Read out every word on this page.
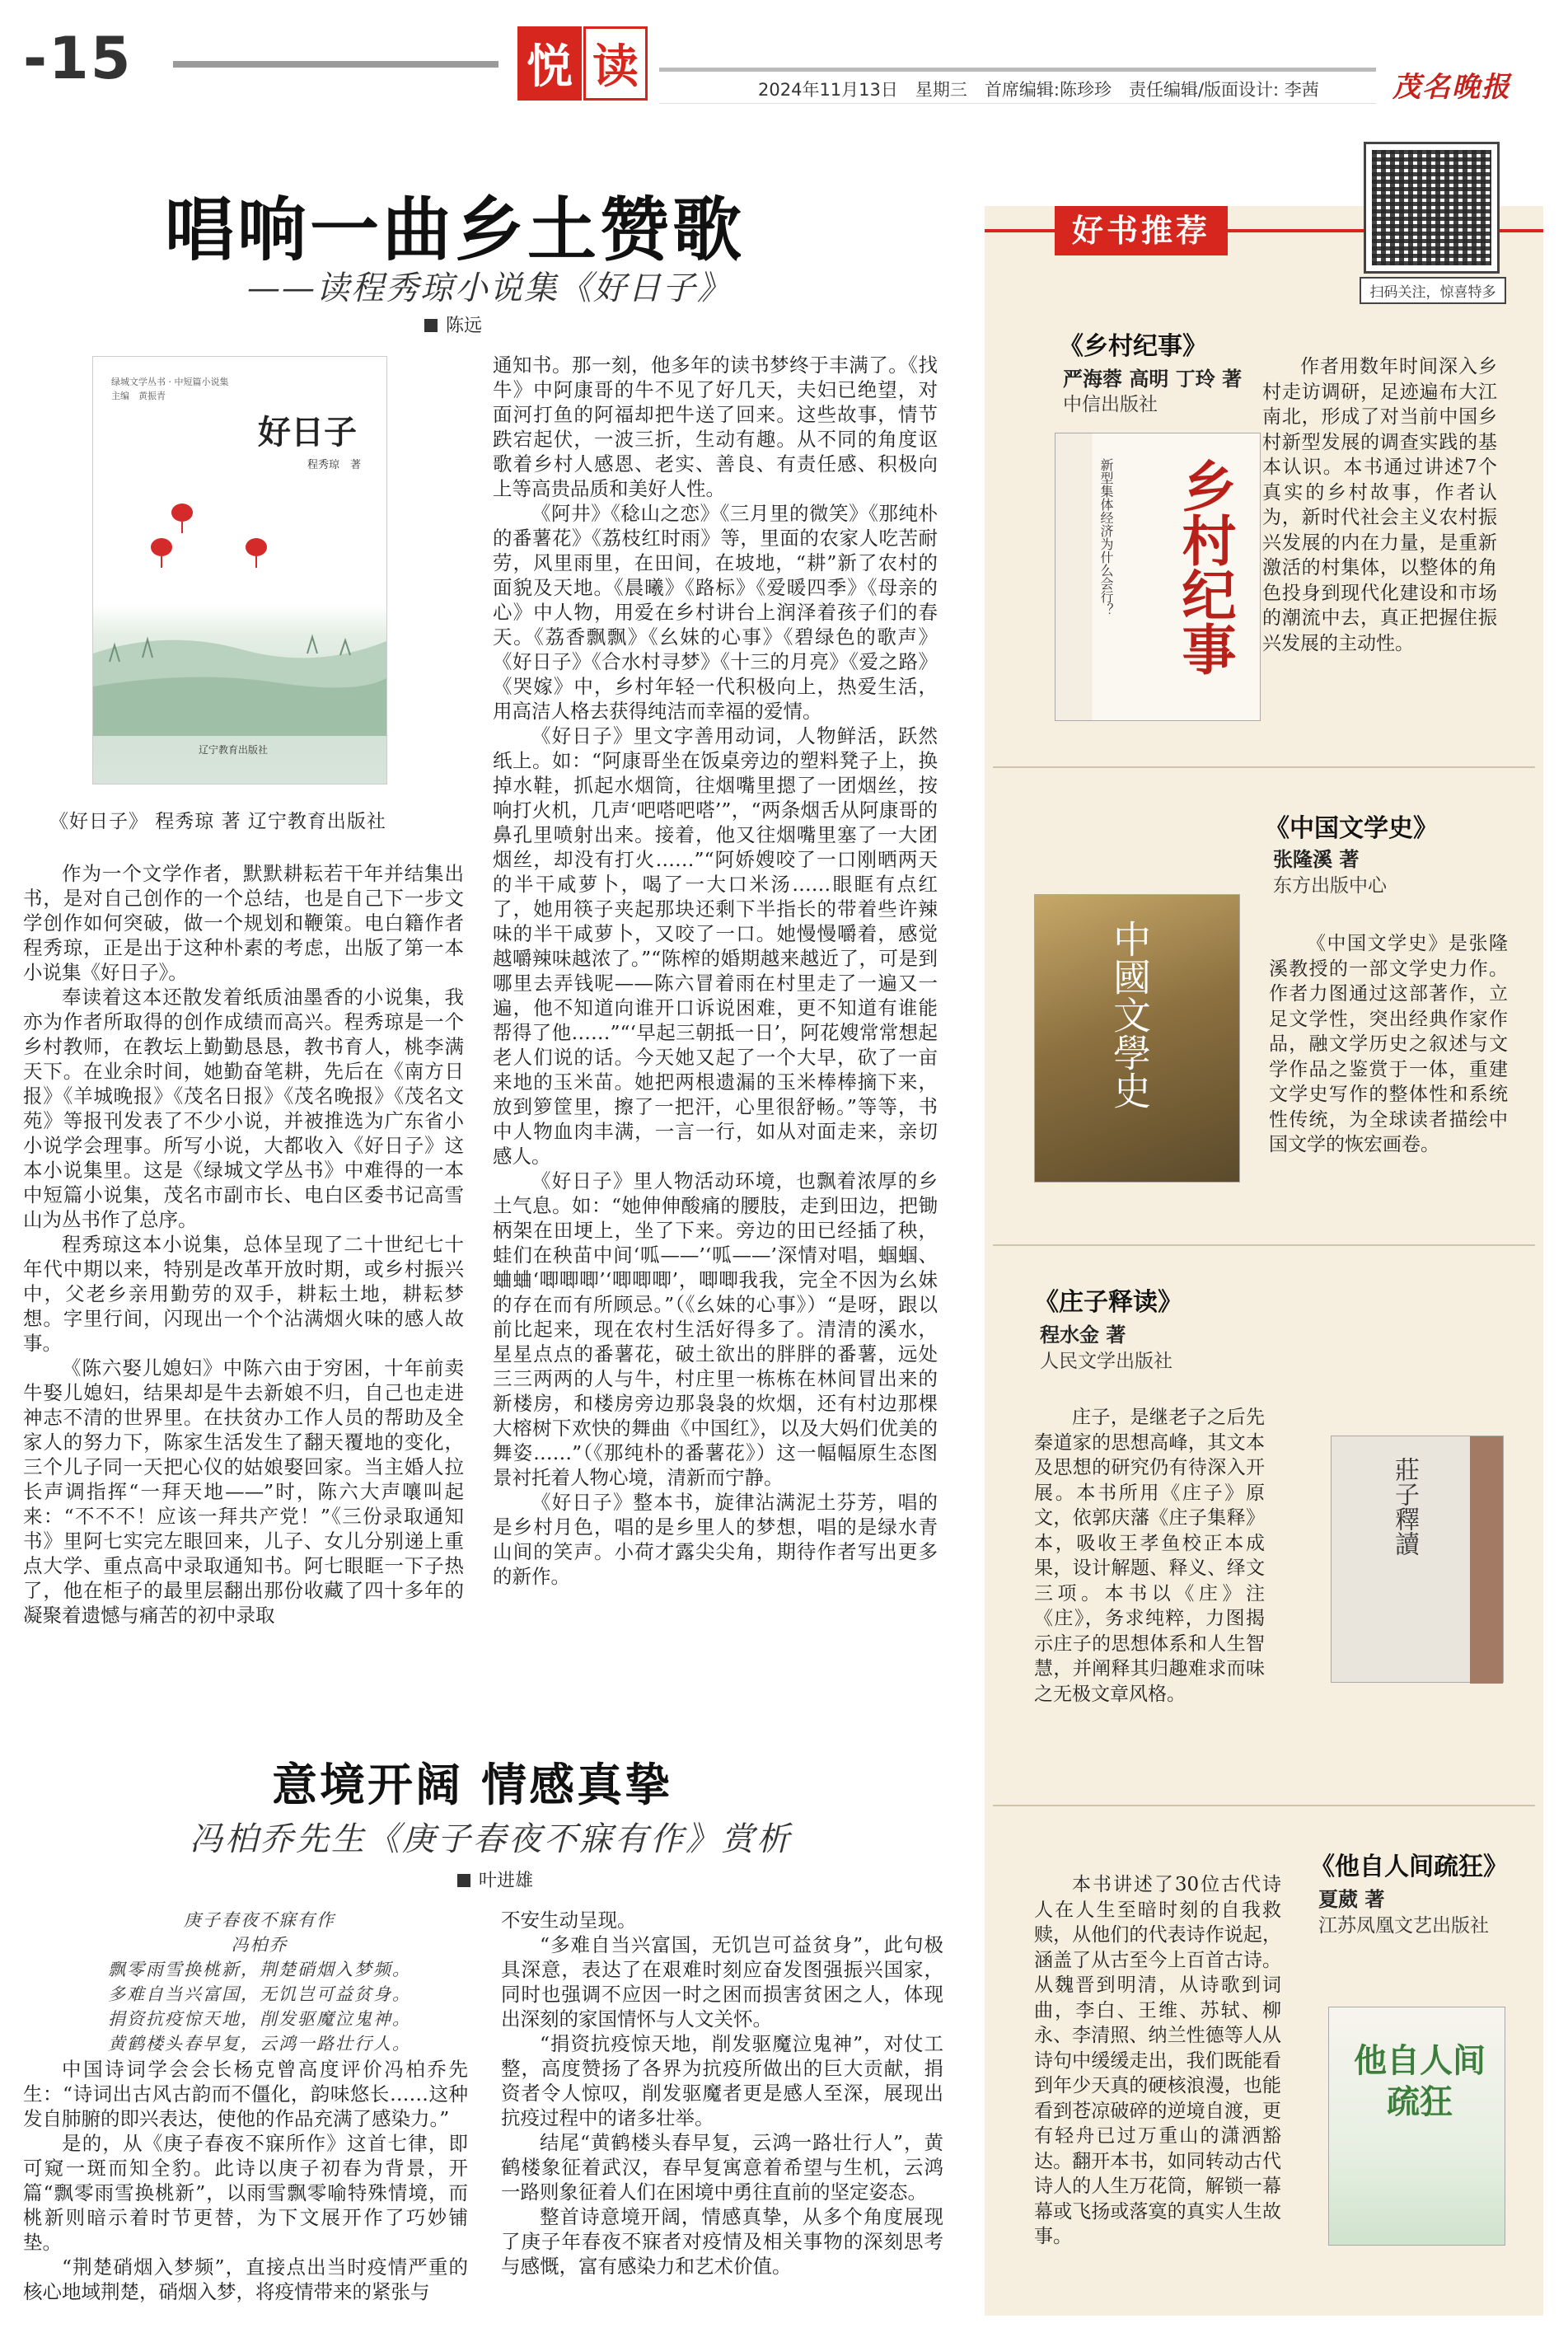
-15	悦 读	2024年11月13日　星期三　首席编辑:陈珍珍　责任编辑/版面设计: 李茜	茂名晚报
唱响一曲乡土赞歌
——读程秀琼小说集《好日子》
陈远
绿城文学丛书 · 中短篇小说集
主编　黄振青
好日子
程秀琼　著
辽宁教育出版社
《好日子》 程秀琼 著 辽宁教育出版社

作为一个文学作者，默默耕耘若干年并结集出书，是对自己创作的一个总结，也是自己下一步文学创作如何突破，做一个规划和鞭策。电白籍作者程秀琼，正是出于这种朴素的考虑，出版了第一本小说集《好日子》。

奉读着这本还散发着纸质油墨香的小说集，我亦为作者所取得的创作成绩而高兴。程秀琼是一个乡村教师，在教坛上勤勤恳恳，教书育人，桃李满天下。在业余时间，她勤奋笔耕，先后在《南方日报》《羊城晚报》《茂名日报》《茂名晚报》《茂名文苑》等报刊发表了不少小说，并被推选为广东省小小说学会理事。所写小说，大都收入《好日子》这本小说集里。这是《绿城文学丛书》中难得的一本中短篇小说集，茂名市副市长、电白区委书记高雪山为丛书作了总序。

程秀琼这本小说集，总体呈现了二十世纪七十年代中期以来，特别是改革开放时期，或乡村振兴中，父老乡亲用勤劳的双手，耕耘土地，耕耘梦想。字里行间，闪现出一个个沾满烟火味的感人故事。

《陈六娶儿媳妇》中陈六由于穷困，十年前卖牛娶儿媳妇，结果却是牛去新娘不归，自己也走进神志不清的世界里。在扶贫办工作人员的帮助及全家人的努力下，陈家生活发生了翻天覆地的变化，三个儿子同一天把心仪的姑娘娶回家。当主婚人拉长声调指挥“一拜天地——”时，陈六大声嚷叫起来：“不不不！应该一拜共产党！”《三份录取通知书》里阿七实完左眼回来，儿子、女儿分别递上重点大学、重点高中录取通知书。阿七眼眶一下子热了，他在柜子的最里层翻出那份收藏了四十多年的凝聚着遗憾与痛苦的初中录取

通知书。那一刻，他多年的读书梦终于丰满了。《找牛》中阿康哥的牛不见了好几天，夫妇已绝望，对面河打鱼的阿福却把牛送了回来。这些故事，情节跌宕起伏，一波三折，生动有趣。从不同的角度讴歌着乡村人感恩、老实、善良、有责任感、积极向上等高贵品质和美好人性。

《阿井》《稔山之恋》《三月里的微笑》《那纯朴的番薯花》《荔枝红时雨》等，里面的农家人吃苦耐劳，风里雨里，在田间，在坡地，“耕”新了农村的面貌及天地。《晨曦》《路标》《爱暖四季》《母亲的心》中人物，用爱在乡村讲台上润泽着孩子们的春天。《荔香飘飘》《幺妹的心事》《碧绿色的歌声》《好日子》《合水村寻梦》《十三的月亮》《爱之路》《哭嫁》中，乡村年轻一代积极向上，热爱生活，用高洁人格去获得纯洁而幸福的爱情。

《好日子》里文字善用动词，人物鲜活，跃然纸上。如：“阿康哥坐在饭桌旁边的塑料凳子上，换掉水鞋，抓起水烟筒，往烟嘴里摁了一团烟丝，按响打火机，几声‘吧嗒吧嗒’”，“两条烟舌从阿康哥的鼻孔里喷射出来。接着，他又往烟嘴里塞了一大团烟丝，却没有打火……”“阿娇嫂咬了一口刚晒两天的半干咸萝卜，喝了一大口米汤……眼眶有点红了，她用筷子夹起那块还剩下半指长的带着些许辣味的半干咸萝卜，又咬了一口。她慢慢嚼着，感觉越嚼辣味越浓了。”“陈榨的婚期越来越近了，可是到哪里去弄钱呢——陈六冒着雨在村里走了一遍又一遍，他不知道向谁开口诉说困难，更不知道有谁能帮得了他……”“‘早起三朝抵一日’，阿花嫂常常想起老人们说的话。今天她又起了一个大早，砍了一亩来地的玉米苗。她把两根遗漏的玉米棒棒摘下来，放到箩筐里，擦了一把汗，心里很舒畅。”等等，书中人物血肉丰满，一言一行，如从对面走来，亲切感人。

《好日子》里人物活动环境，也飘着浓厚的乡土气息。如：“她伸伸酸痛的腰肢，走到田边，把锄柄架在田埂上，坐了下来。旁边的田已经插了秧，蛙们在秧苗中间‘呱——’‘呱——’深情对唱，蝈蝈、蛐蛐‘唧唧唧’‘唧唧唧’，唧唧我我，完全不因为幺妹的存在而有所顾忌。”（《幺妹的心事》）“是呀，跟以前比起来，现在农村生活好得多了。清清的溪水，星星点点的番薯花，破土欲出的胖胖的番薯，远处三三两两的人与牛，村庄里一栋栋在林间冒出来的新楼房，和楼房旁边那袅袅的炊烟，还有村边那棵大榕树下欢快的舞曲《中国红》，以及大妈们优美的舞姿……”（《那纯朴的番薯花》）这一幅幅原生态图景衬托着人物心境，清新而宁静。

《好日子》整本书，旋律沾满泥土芬芳，唱的是乡村月色，唱的是乡里人的梦想，唱的是绿水青山间的笑声。小荷才露尖尖角，期待作者写出更多的新作。

意境开阔 情感真挚
冯柏乔先生《庚子春夜不寐有作》赏析
叶进雄
庚子春夜不寐有作
冯柏乔
飘零雨雪换桃新，荆楚硝烟入梦频。
多难自当兴富国，无饥岂可益贫身。
捐资抗疫惊天地，削发驱魔泣鬼神。
黄鹤楼头春早复，云鸿一路壮行人。

中国诗词学会会长杨克曾高度评价冯柏乔先生：“诗词出古风古韵而不僵化，韵味悠长……这种发自肺腑的即兴表达，使他的作品充满了感染力。”

是的，从《庚子春夜不寐所作》这首七律，即可窥一斑而知全豹。此诗以庚子初春为背景，开篇“飘零雨雪换桃新”，以雨雪飘零喻特殊情境，而桃新则暗示着时节更替，为下文展开作了巧妙铺垫。

“荆楚硝烟入梦频”，直接点出当时疫情严重的核心地域荆楚，硝烟入梦，将疫情带来的紧张与

不安生动呈现。

“多难自当兴富国，无饥岂可益贫身”，此句极具深意，表达了在艰难时刻应奋发图强振兴国家，同时也强调不应因一时之困而损害贫困之人，体现出深刻的家国情怀与人文关怀。

“捐资抗疫惊天地，削发驱魔泣鬼神”，对仗工整，高度赞扬了各界为抗疫所做出的巨大贡献，捐资者令人惊叹，削发驱魔者更是感人至深，展现出抗疫过程中的诸多壮举。

结尾“黄鹤楼头春早复，云鸿一路壮行人”，黄鹤楼象征着武汉，春早复寓意着希望与生机，云鸿一路则象征着人们在困境中勇往直前的坚定姿态。

整首诗意境开阔，情感真挚，从多个角度展现了庚子年春夜不寐者对疫情及相关事物的深刻思考与感慨，富有感染力和艺术价值。

好书推荐
扫码关注，惊喜特多
《乡村纪事》
严海蓉 高明 丁玲 著
中信出版社
乡村纪事
新型集体经济为什么会行？

作者用数年时间深入乡村走访调研，足迹遍布大江南北，形成了对当前中国乡村新型发展的调查实践的基本认识。本书通过讲述7个真实的乡村故事，作者认为，新时代社会主义农村振兴发展的内在力量，是重新激活的村集体，以整体的角色投身到现代化建设和市场的潮流中去，真正把握住振兴发展的主动性。

《中国文学史》
张隆溪 著
东方出版中心
中國文學史	《中国文学史》是张隆溪教授的一部文学史力作。作者力图通过这部著作，立足文学性，突出经典作家作品，融文学历史之叙述与文学作品之鉴赏于一体，重建文学史写作的整体性和系统性传统，为全球读者描绘中国文学的恢宏画卷。

《庄子释读》
程水金 著
人民文学出版社

庄子，是继老子之后先秦道家的思想高峰，其文本及思想的研究仍有待深入开展。本书所用《庄子》原文，依郭庆藩《庄子集释》本，吸收王孝鱼校正本成果，设计解题、释义、绎文三项。本书以《庄》注《庄》，务求纯粹，力图揭示庄子的思想体系和人生智慧，并阐释其归趣难求而味之无极文章风格。

莊子釋讀
《他自人间疏狂》
夏葳 著
江苏凤凰文艺出版社

本书讲述了30位古代诗人在人生至暗时刻的自我救赎，从他们的代表诗作说起，涵盖了从古至今上百首古诗。从魏晋到明清，从诗歌到词曲，李白、王维、苏轼、柳永、李清照、纳兰性德等人从诗句中缓缓走出，我们既能看到年少天真的硬核浪漫，也能看到苍凉破碎的逆境自渡，更有轻舟已过万重山的潇洒豁达。翻开本书，如同转动古代诗人的人生万花筒，解锁一幕幕或飞扬或落寞的真实人生故事。

他自人间疏狂
